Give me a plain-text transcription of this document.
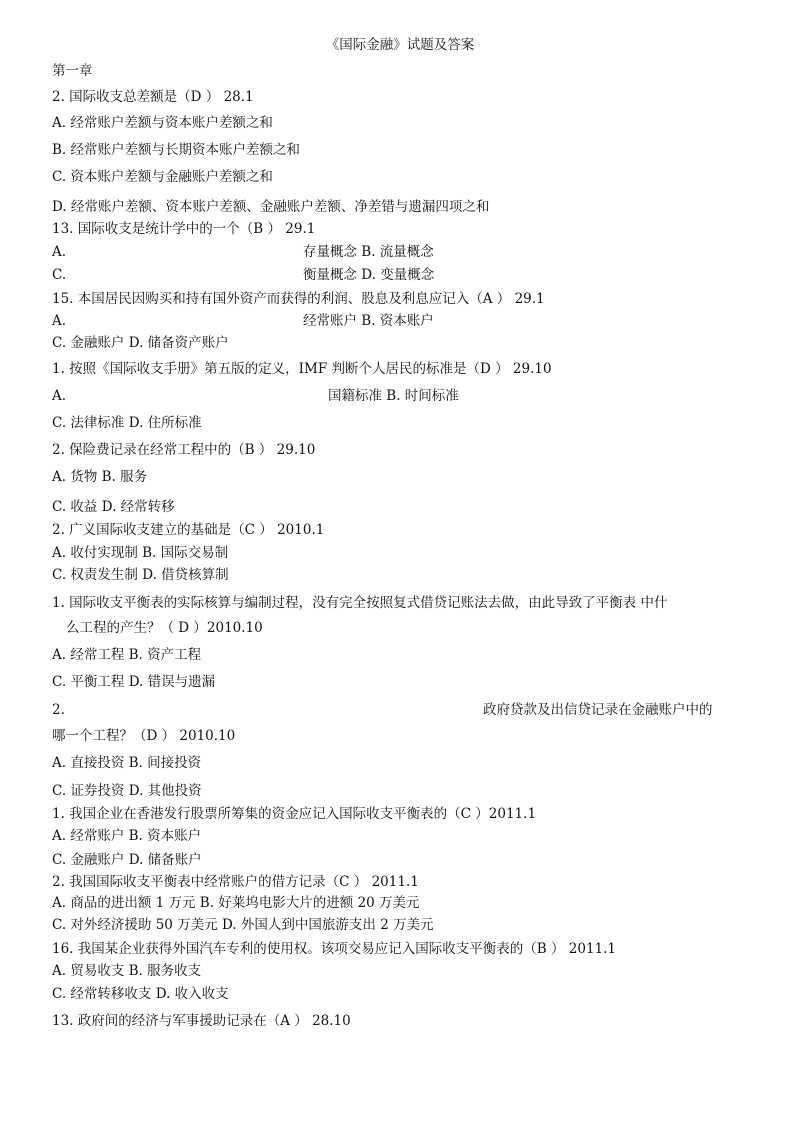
《国际金融》试题及答案
第一章
2. 国际收支总差额是（D ） 28.1
A. 经常账户差额与资本账户差额之和
B. 经常账户差额与长期资本账户差额之和
C. 资本账户差额与金融账户差额之和
D. 经常账户差额、资本账户差额、金融账户差额、净差错与遗漏四项之和
13. 国际收支是统计学中的一个（B ） 29.1
A.	存量概念 B. 流量概念
C.	衡量概念 D. 变量概念
15. 本国居民因购买和持有国外资产而获得的利润、股息及利息应记入（A ） 29.1
A.	经常账户 B. 资本账户
C. 金融账户 D. 储备资产账户
1. 按照《国际收支手册》第五版的定义，IMF 判断个人居民的标准是（D ） 29.10
A.	国籍标准 B. 时间标准
C. 法律标准 D. 住所标准
2. 保险费记录在经常工程中的（B ） 29.10
A. 货物 B. 服务
C. 收益 D. 经常转移
2. 广义国际收支建立的基础是（C ） 2010.1
A. 收付实现制 B. 国际交易制
C. 权责发生制 D. 借贷核算制
1. 国际收支平衡表的实际核算与编制过程，没有完全按照复式借贷记账法去做，由此导致了平衡表 中什
么工程的产生？（ D ）2010.10
A. 经常工程 B. 资产工程
C. 平衡工程 D. 错误与遗漏
2.	政府贷款及出信贷记录在金融账户中的
哪一个工程？（D ） 2010.10
A. 直接投资 B. 间接投资
C. 证券投资 D. 其他投资
1. 我国企业在香港发行股票所筹集的资金应记入国际收支平衡表的（C ）2011.1
A. 经常账户 B. 资本账户
C. 金融账户 D. 储备账户
2. 我国国际收支平衡表中经常账户的借方记录（C ） 2011.1
A. 商品的进出额 1 万元 B. 好莱坞电影大片的进额 20 万美元
C. 对外经济援助 50 万美元 D. 外国人到中国旅游支出 2 万美元
16. 我国某企业获得外国汽车专利的使用权。该项交易应记入国际收支平衡表的（B ） 2011.1
A. 贸易收支 B. 服务收支
C. 经常转移收支 D. 收入收支
13. 政府间的经济与军事援助记录在（A ） 28.10
